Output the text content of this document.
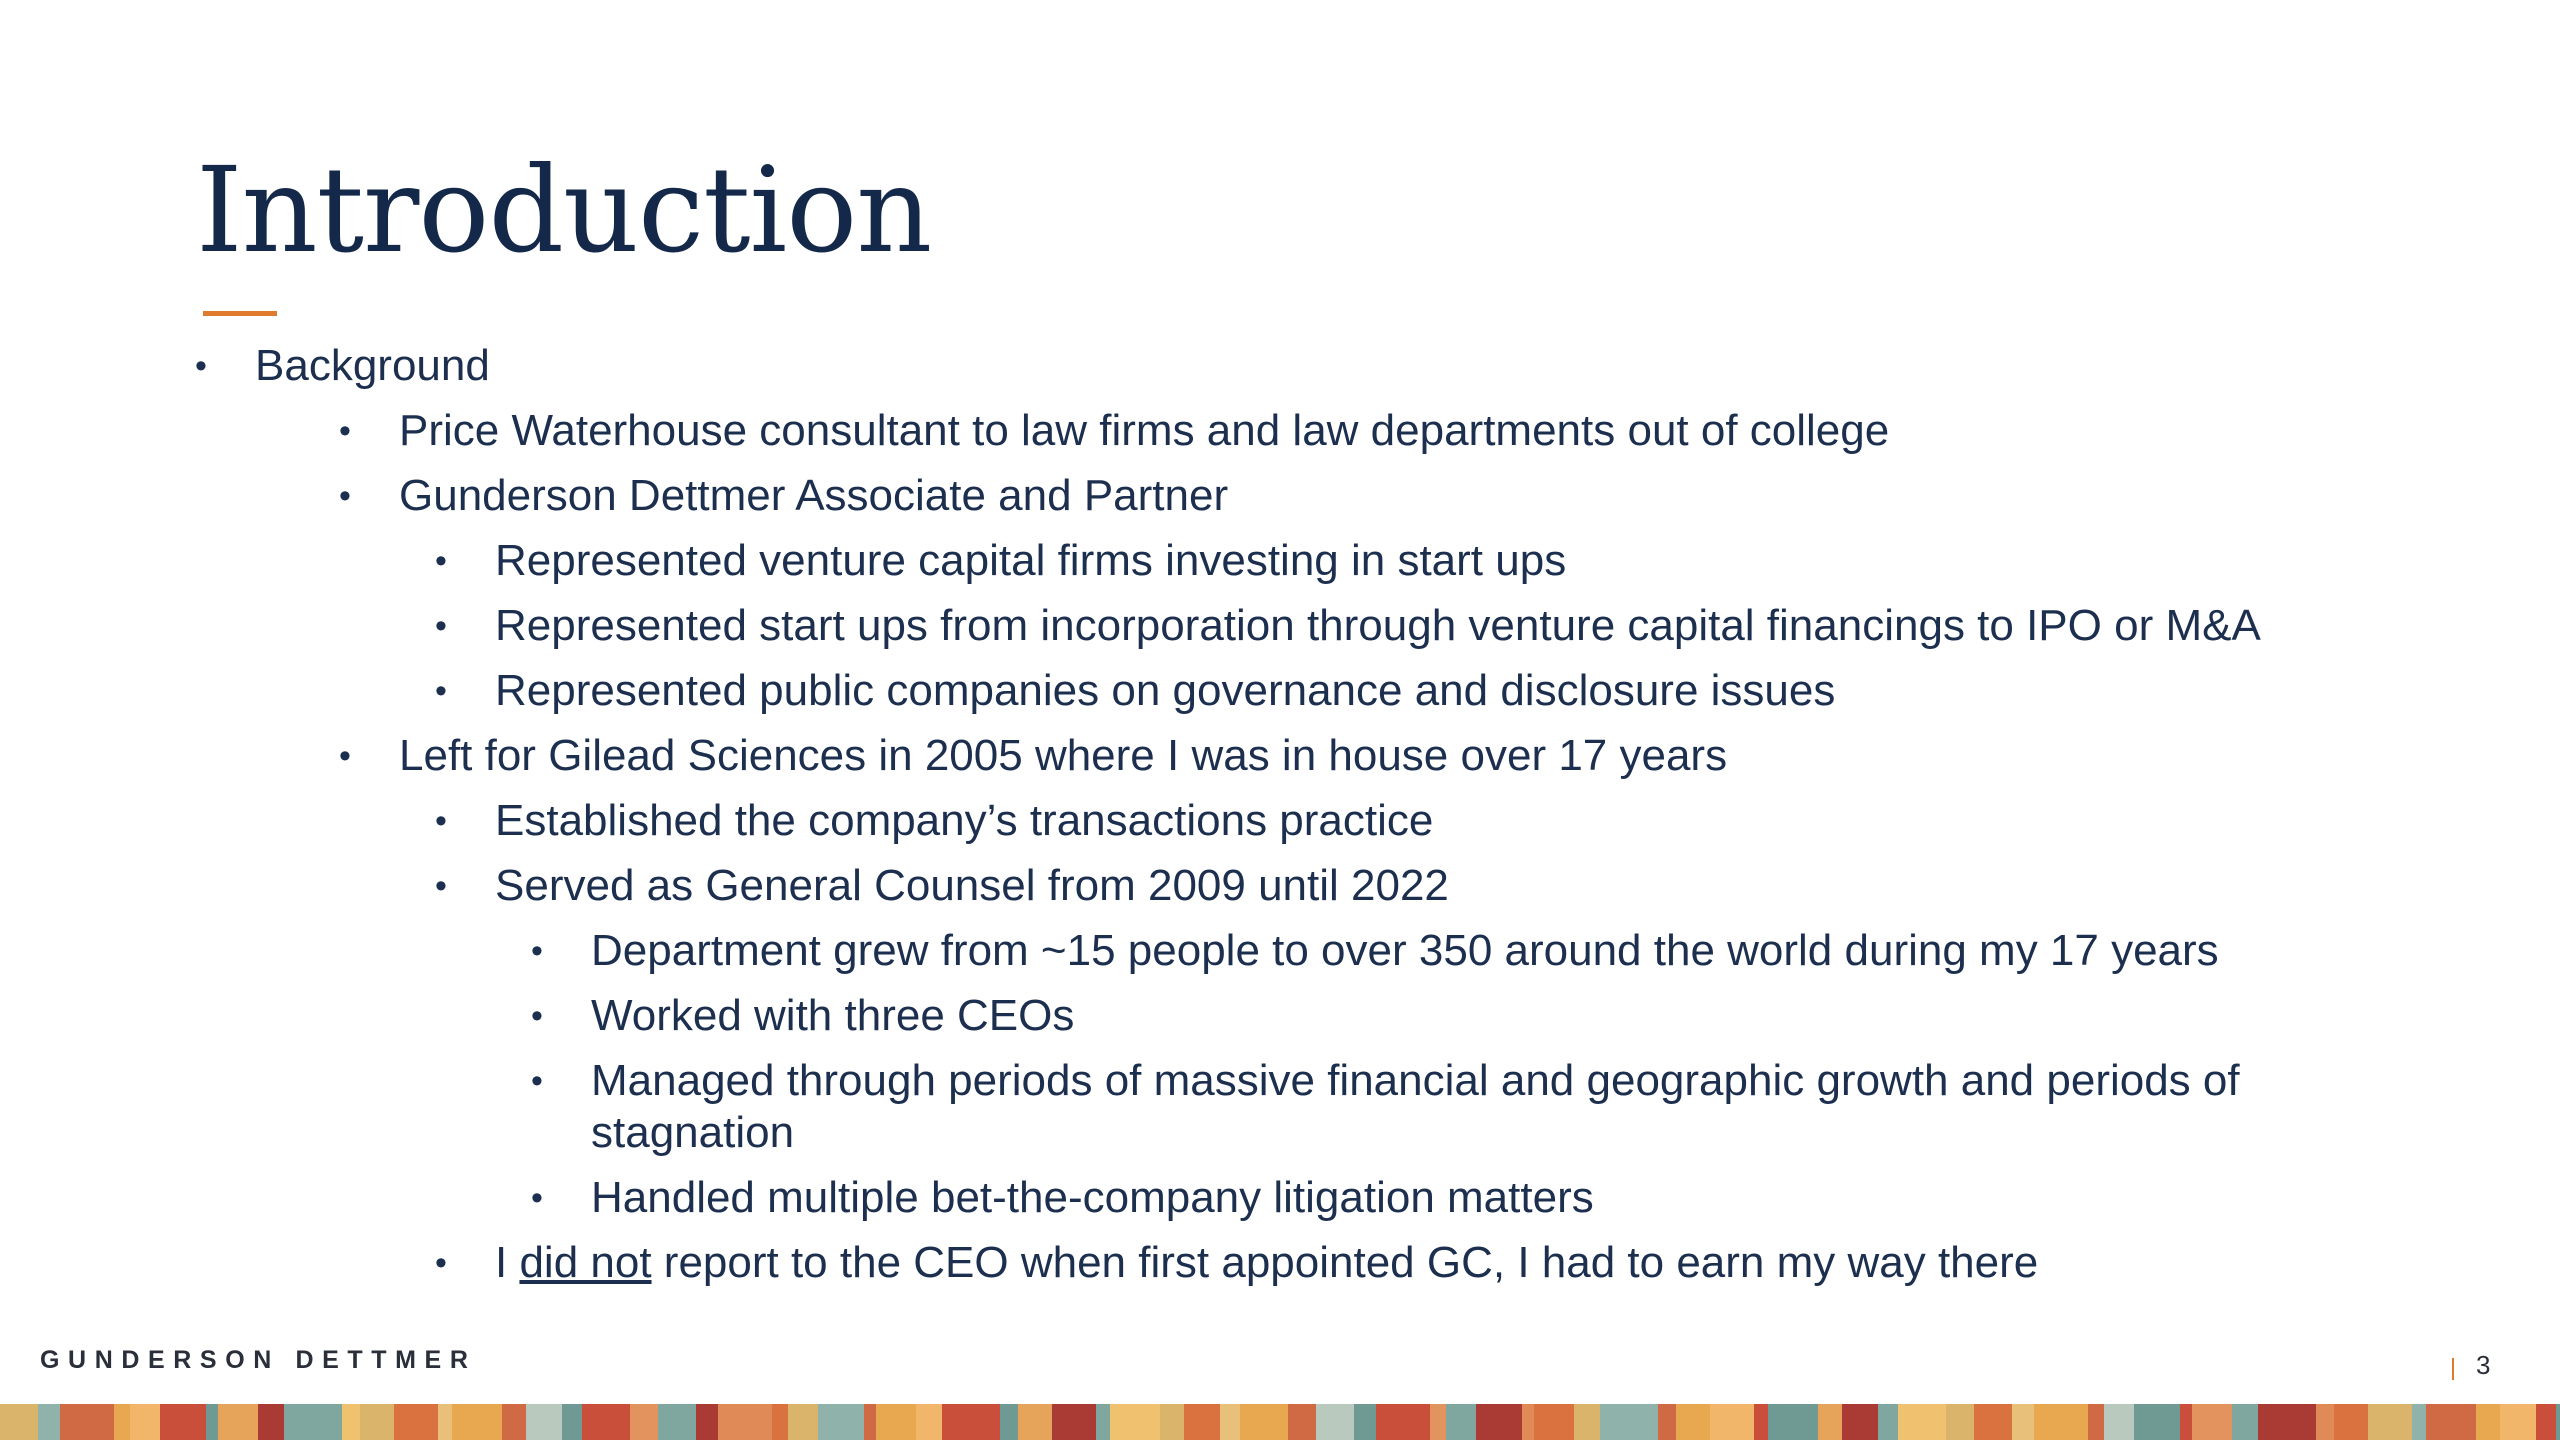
Introduction
• Background
• Price Waterhouse consultant to law firms and law departments out of college
• Gunderson Dettmer Associate and Partner
• Represented venture capital firms investing in start ups
• Represented start ups from incorporation through venture capital financings to IPO or M&A
• Represented public companies on governance and disclosure issues
• Left for Gilead Sciences in 2005 where I was in house over 17 years
• Established the company’s transactions practice
• Served as General Counsel from 2009 until 2022
• Department grew from ~15 people to over 350 around the world during my 17 years
• Worked with three CEOs
• Managed through periods of massive financial and geographic growth and periods of stagnation
• Handled multiple bet-the-company litigation matters
• I did not report to the CEO when first appointed GC, I had to earn my way there
GUNDERSON DETTMER	3
